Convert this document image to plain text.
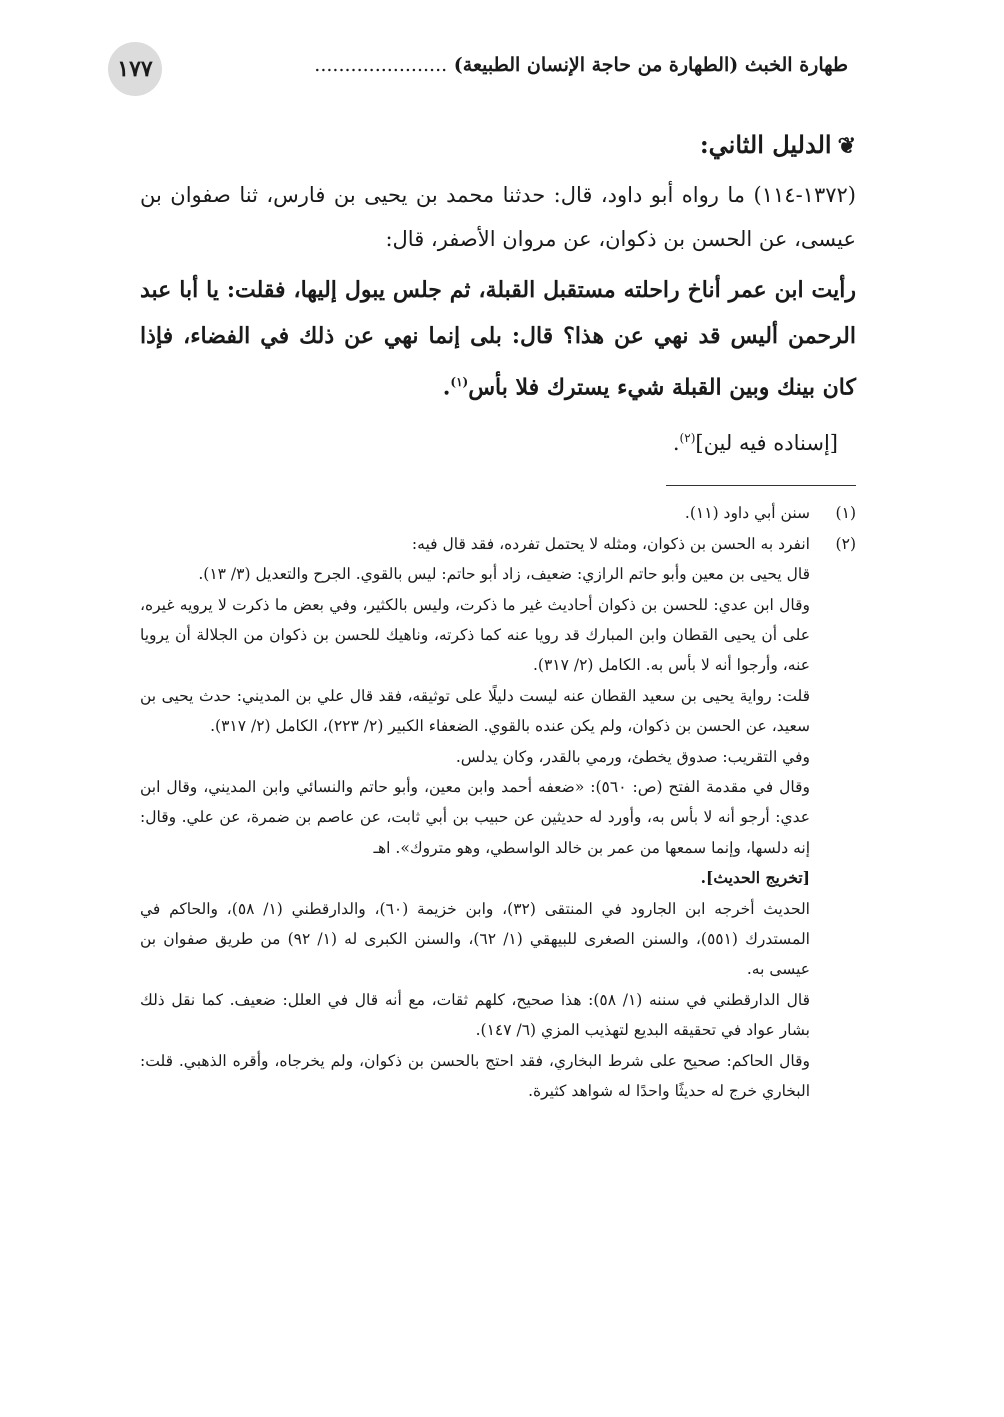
١٧٧	طهارة الخبث (الطهارة من حاجة الإنسان الطبيعة) ......................
❦الدليل الثاني:

(١٣٧٢-١١٤) ما رواه أبو داود، قال: حدثنا محمد بن يحيى بن فارس، ثنا صفوان بن عيسى، عن الحسن بن ذكوان، عن مروان الأصفر، قال:

رأيت ابن عمر أناخ راحلته مستقبل القبلة، ثم جلس يبول إليها، فقلت: يا أبا عبد الرحمن أليس قد نهي عن هذا؟ قال: بلى إنما نهي عن ذلك في الفضاء، فإذا كان بينك وبين القبلة شيء يسترك فلا بأس$^{(١)}$.

[إسناده فيه لين]$^{(٢)}$.

(١)

سنن أبي داود (١١).

(٢)

انفرد به الحسن بن ذكوان، ومثله لا يحتمل تفرده، فقد قال فيه:

قال يحيى بن معين وأبو حاتم الرازي: ضعيف، زاد أبو حاتم: ليس بالقوي. الجرح والتعديل (٣/ ١٣).

وقال ابن عدي: للحسن بن ذكوان أحاديث غير ما ذكرت، وليس بالكثير، وفي بعض ما ذكرت لا يرويه غيره، على أن يحيى القطان وابن المبارك قد رويا عنه كما ذكرته، وناهيك للحسن بن ذكوان من الجلالة أن يرويا عنه، وأرجوا أنه لا بأس به. الكامل (٢/ ٣١٧).

قلت: رواية يحيى بن سعيد القطان عنه ليست دليلًا على توثيقه، فقد قال علي بن المديني: حدث يحيى بن سعيد، عن الحسن بن ذكوان، ولم يكن عنده بالقوي. الضعفاء الكبير (٢/ ٢٢٣)، الكامل (٢/ ٣١٧).

وفي التقريب: صدوق يخطئ، ورمي بالقدر، وكان يدلس.

وقال في مقدمة الفتح (ص: ٥٦٠): «ضعفه أحمد وابن معين، وأبو حاتم والنسائي وابن المديني، وقال ابن عدي: أرجو أنه لا بأس به، وأورد له حديثين عن حبيب بن أبي ثابت، عن عاصم بن ضمرة، عن علي. وقال: إنه دلسها، وإنما سمعها من عمر بن خالد الواسطي، وهو متروك». اهـ

[تخريج الحديث].

الحديث أخرجه ابن الجارود في المنتقى (٣٢)، وابن خزيمة (٦٠)، والدارقطني (١/ ٥٨)، والحاكم في المستدرك (٥٥١)، والسنن الصغرى للبيهقي (١/ ٦٢)، والسنن الكبرى له (١/ ٩٢) من طريق صفوان بن عيسى به.

قال الدارقطني في سننه (١/ ٥٨): هذا صحيح، كلهم ثقات، مع أنه قال في العلل: ضعيف. كما نقل ذلك بشار عواد في تحقيقه البديع لتهذيب المزي (٦/ ١٤٧).

وقال الحاكم: صحيح على شرط البخاري، فقد احتج بالحسن بن ذكوان، ولم يخرجاه، وأقره الذهبي. قلت: البخاري خرج له حديثًا واحدًا له شواهد كثيرة.
